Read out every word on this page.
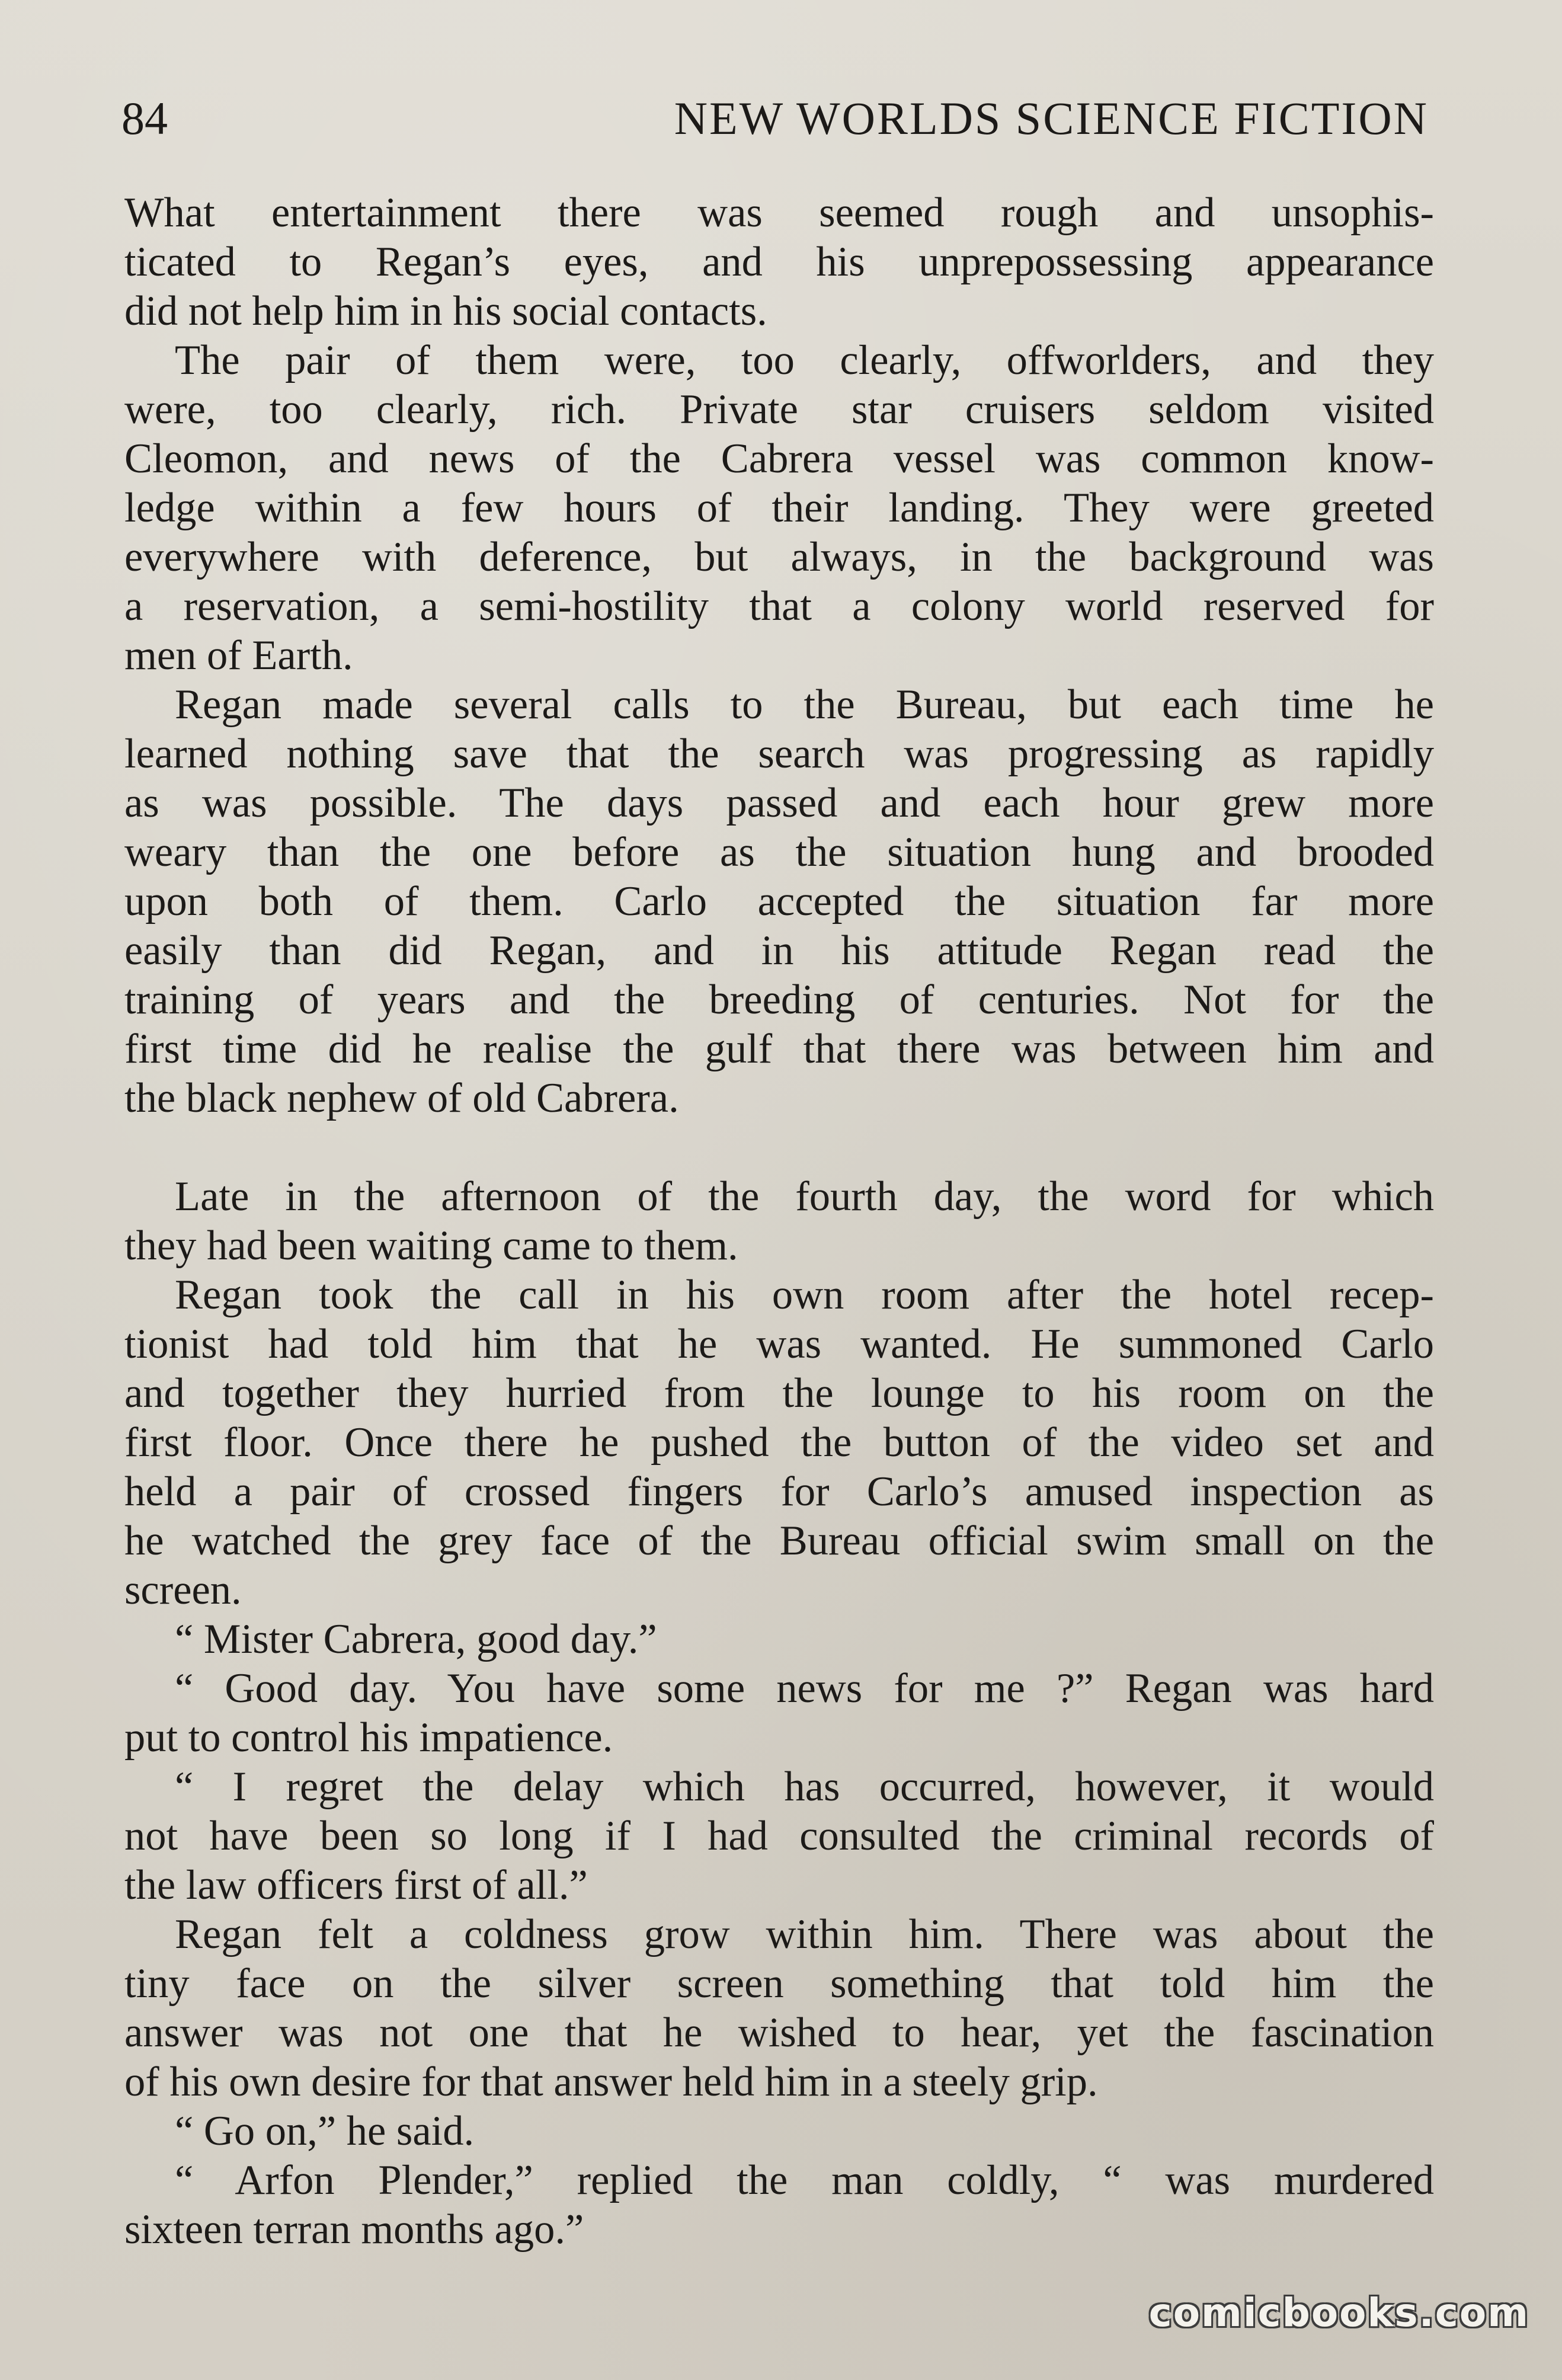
84	NEW WORLDS SCIENCE FICTION
What entertainment there was seemed rough and unsophis-
ticated to Regan’s eyes, and his unprepossessing appearance
did not help him in his social contacts.
The pair of them were, too clearly, offworlders, and they
were, too clearly, rich. Private star cruisers seldom visited
Cleomon, and news of the Cabrera vessel was common know-
ledge within a few hours of their landing. They were greeted
everywhere with deference, but always, in the background was
a reservation, a semi-hostility that a colony world reserved for
men of Earth.
Regan made several calls to the Bureau, but each time he
learned nothing save that the search was progressing as rapidly
as was possible. The days passed and each hour grew more
weary than the one before as the situation hung and brooded
upon both of them. Carlo accepted the situation far more
easily than did Regan, and in his attitude Regan read the
training of years and the breeding of centuries. Not for the
first time did he realise the gulf that there was between him and
the black nephew of old Cabrera.
Late in the afternoon of the fourth day, the word for which
they had been waiting came to them.
Regan took the call in his own room after the hotel recep-
tionist had told him that he was wanted. He summoned Carlo
and together they hurried from the lounge to his room on the
first floor. Once there he pushed the button of the video set and
held a pair of crossed fingers for Carlo’s amused inspection as
he watched the grey face of the Bureau official swim small on the
screen.
“ Mister Cabrera, good day.”
“ Good day. You have some news for me ?” Regan was hard
put to control his impatience.
“ I regret the delay which has occurred, however, it would
not have been so long if I had consulted the criminal records of
the law officers first of all.”
Regan felt a coldness grow within him. There was about the
tiny face on the silver screen something that told him the
answer was not one that he wished to hear, yet the fascination
of his own desire for that answer held him in a steely grip.
“ Go on,” he said.
“ Arfon Plender,” replied the man coldly, “ was murdered
sixteen terran months ago.”
comicbooks.com
